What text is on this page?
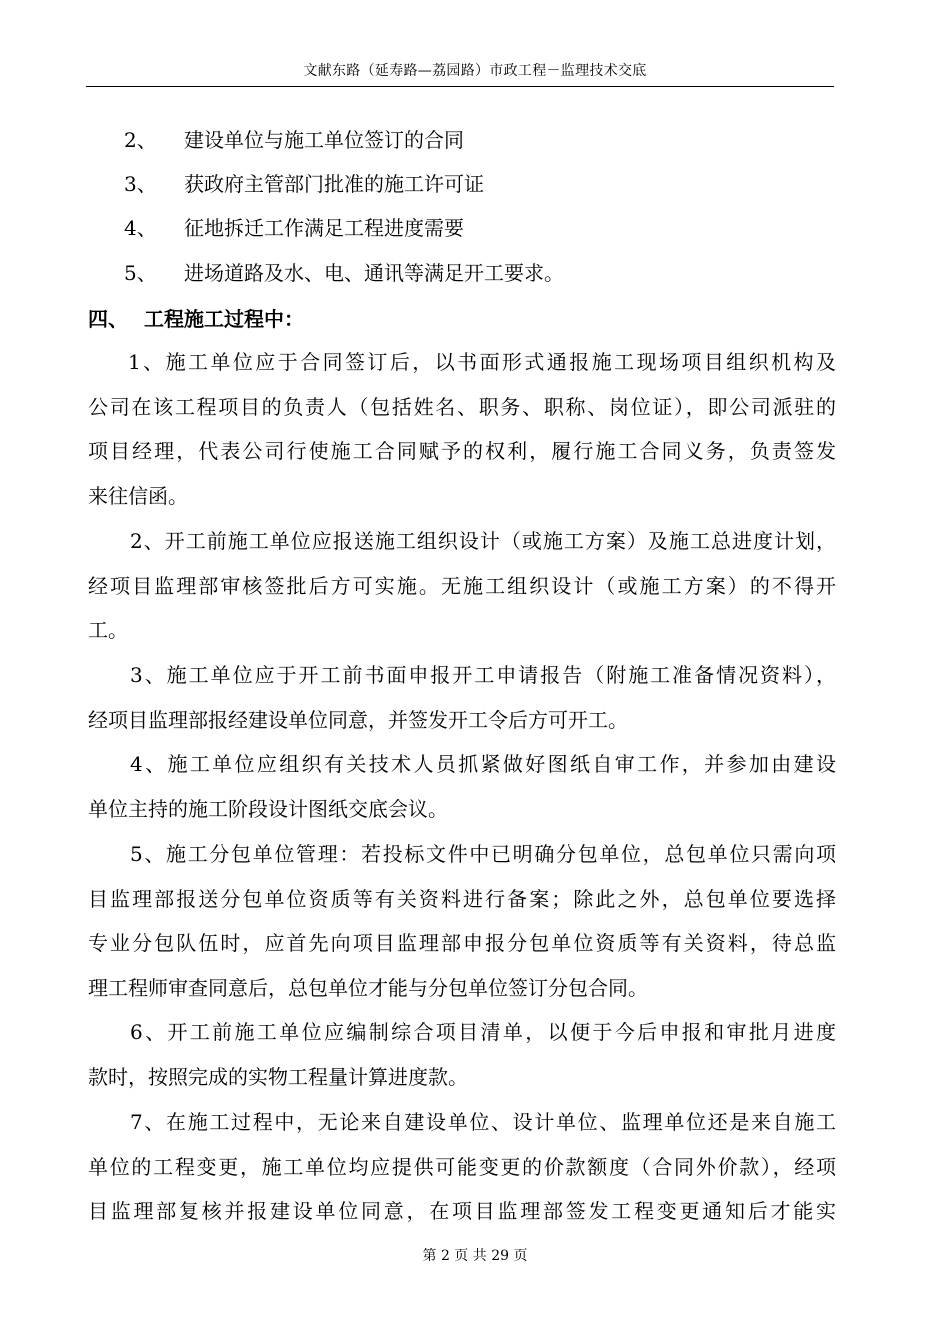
文献东路（延寿路—荔园路）市政工程－监理技术交底
2、 建设单位与施工单位签订的合同
3、 获政府主管部门批准的施工许可证
4、 征地拆迁工作满足工程进度需要
5、 进场道路及水、电、通讯等满足开工要求。
四、 工程施工过程中：
1、施工单位应于合同签订后，以书面形式通报施工现场项目组织机构及
公司在该工程项目的负责人（包括姓名、职务、职称、岗位证），即公司派驻的
项目经理，代表公司行使施工合同赋予的权利，履行施工合同义务，负责签发
来往信函。
2、开工前施工单位应报送施工组织设计（或施工方案）及施工总进度计划，
经项目监理部审核签批后方可实施。无施工组织设计（或施工方案）的不得开
工。
3、施工单位应于开工前书面申报开工申请报告（附施工准备情况资料），
经项目监理部报经建设单位同意，并签发开工令后方可开工。
4、施工单位应组织有关技术人员抓紧做好图纸自审工作，并参加由建设
单位主持的施工阶段设计图纸交底会议。
5、施工分包单位管理：若投标文件中已明确分包单位，总包单位只需向项
目监理部报送分包单位资质等有关资料进行备案；除此之外，总包单位要选择
专业分包队伍时，应首先向项目监理部申报分包单位资质等有关资料，待总监
理工程师审查同意后，总包单位才能与分包单位签订分包合同。
6、开工前施工单位应编制综合项目清单，以便于今后申报和审批月进度
款时，按照完成的实物工程量计算进度款。
7、在施工过程中，无论来自建设单位、设计单位、监理单位还是来自施工
单位的工程变更，施工单位均应提供可能变更的价款额度（合同外价款），经项
目监理部复核并报建设单位同意，在项目监理部签发工程变更通知后才能实
第 2 页 共 29 页
